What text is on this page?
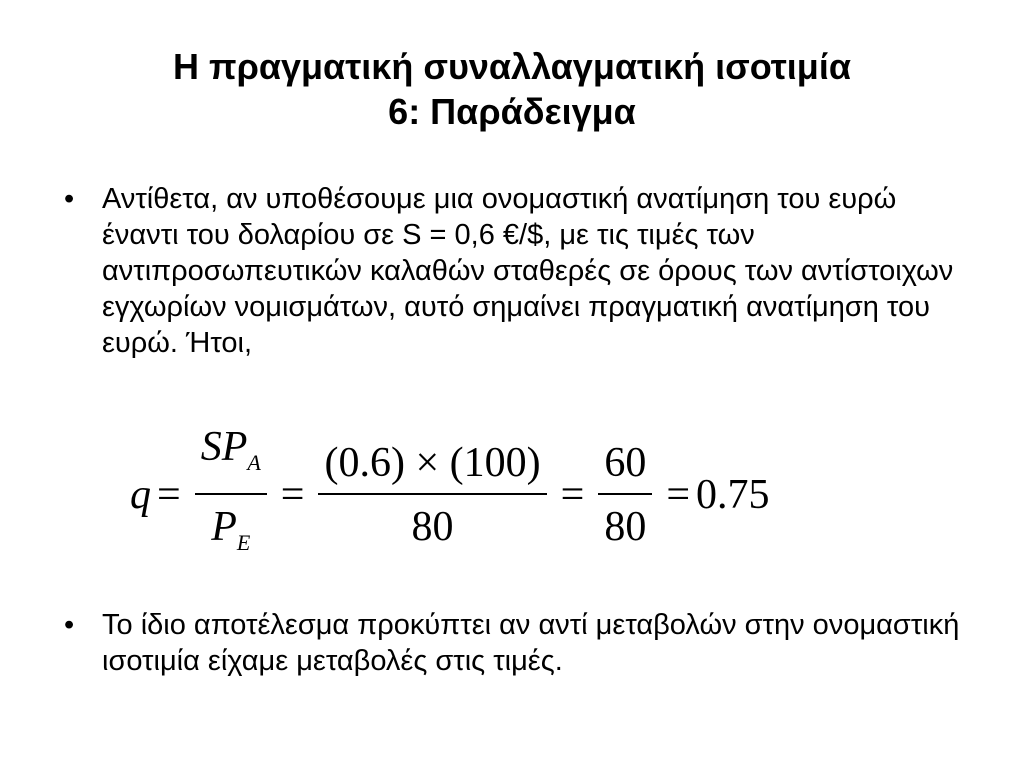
Η πραγματική συναλλαγματική ισοτιμία
6: Παράδειγμα
• Αντίθετα, αν υποθέσουμε μια ονομαστική ανατίμηση του ευρώ έναντι του δολαρίου σε S = 0,6 €/$, με τις τιμές των αντιπροσωπευτικών καλαθών σταθερές σε όρους των αντίστοιχων εγχωρίων νομισμάτων, αυτό σημαίνει πραγματική ανατίμηση του ευρώ. Ήτοι,
$q = \frac{SP_A}{P_E} = \frac{(0.6) \times (100)}{80} = \frac{60}{80} = 0.75$
• Το ίδιο αποτέλεσμα προκύπτει αν αντί μεταβολών στην ονομαστική ισοτιμία είχαμε μεταβολές στις τιμές.
